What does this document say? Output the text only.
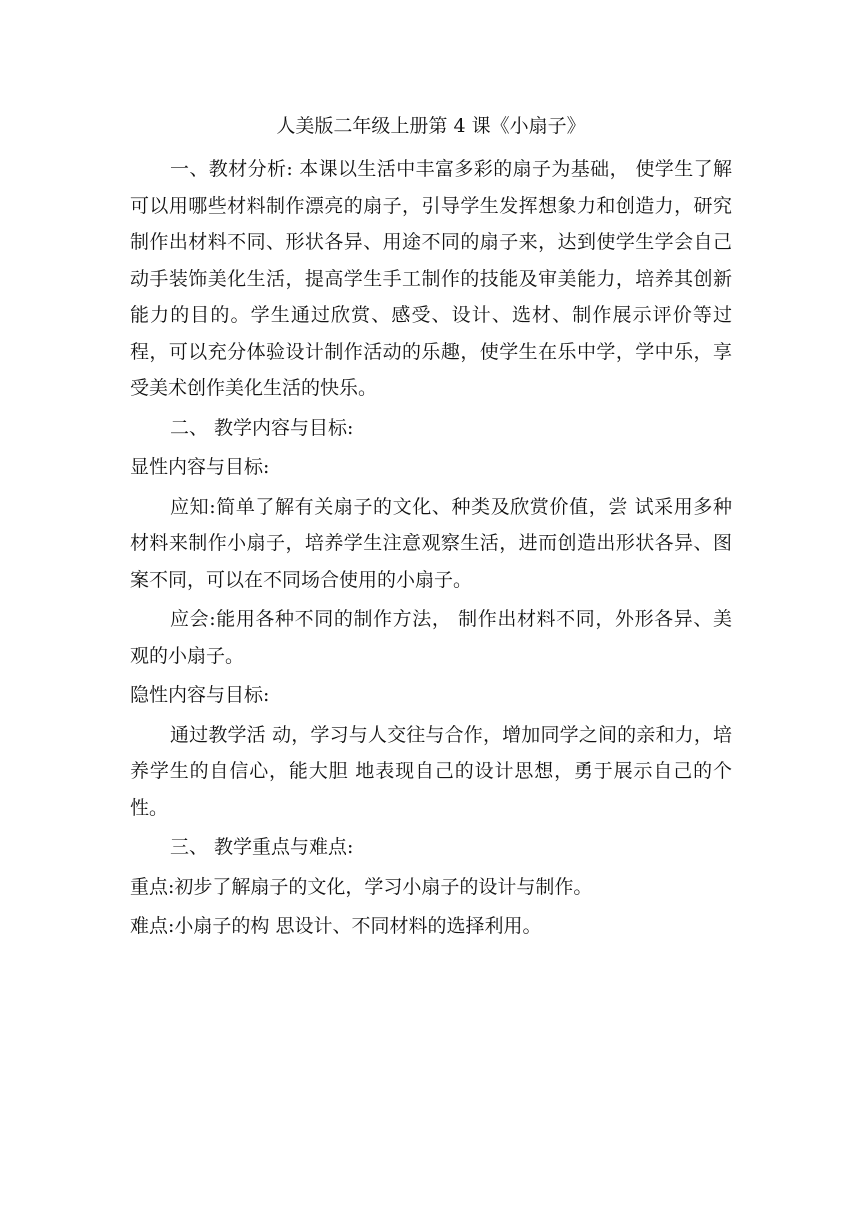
人美版二年级上册第 4 课《小扇子》

一、教材分析: 本课以生活中丰富多彩的扇子为基础， 使学生了解可以用哪些材料制作漂亮的扇子，引导学生发挥想象力和创造力，研究制作出材料不同、形状各异、用途不同的扇子来，达到使学生学会自己动手装饰美化生活，提高学生手工制作的技能及审美能力，培养其创新能力的目的。学生通过欣赏、感受、设计、选材、制作展示评价等过程，可以充分体验设计制作活动的乐趣，使学生在乐中学，学中乐，享受美术创作美化生活的快乐。

二、 教学内容与目标:

显性内容与目标:

应知:简单了解有关扇子的文化、种类及欣赏价值，尝 试采用多种材料来制作小扇子，培养学生注意观察生活，进而创造出形状各异、图案不同，可以在不同场合使用的小扇子。

应会:能用各种不同的制作方法， 制作出材料不同，外形各异、美观的小扇子。

隐性内容与目标:

通过教学活 动，学习与人交往与合作，增加同学之间的亲和力，培养学生的自信心，能大胆 地表现自己的设计思想，勇于展示自己的个性。

三、 教学重点与难点:

重点:初步了解扇子的文化，学习小扇子的设计与制作。

难点:小扇子的构 思设计、不同材料的选择利用。
